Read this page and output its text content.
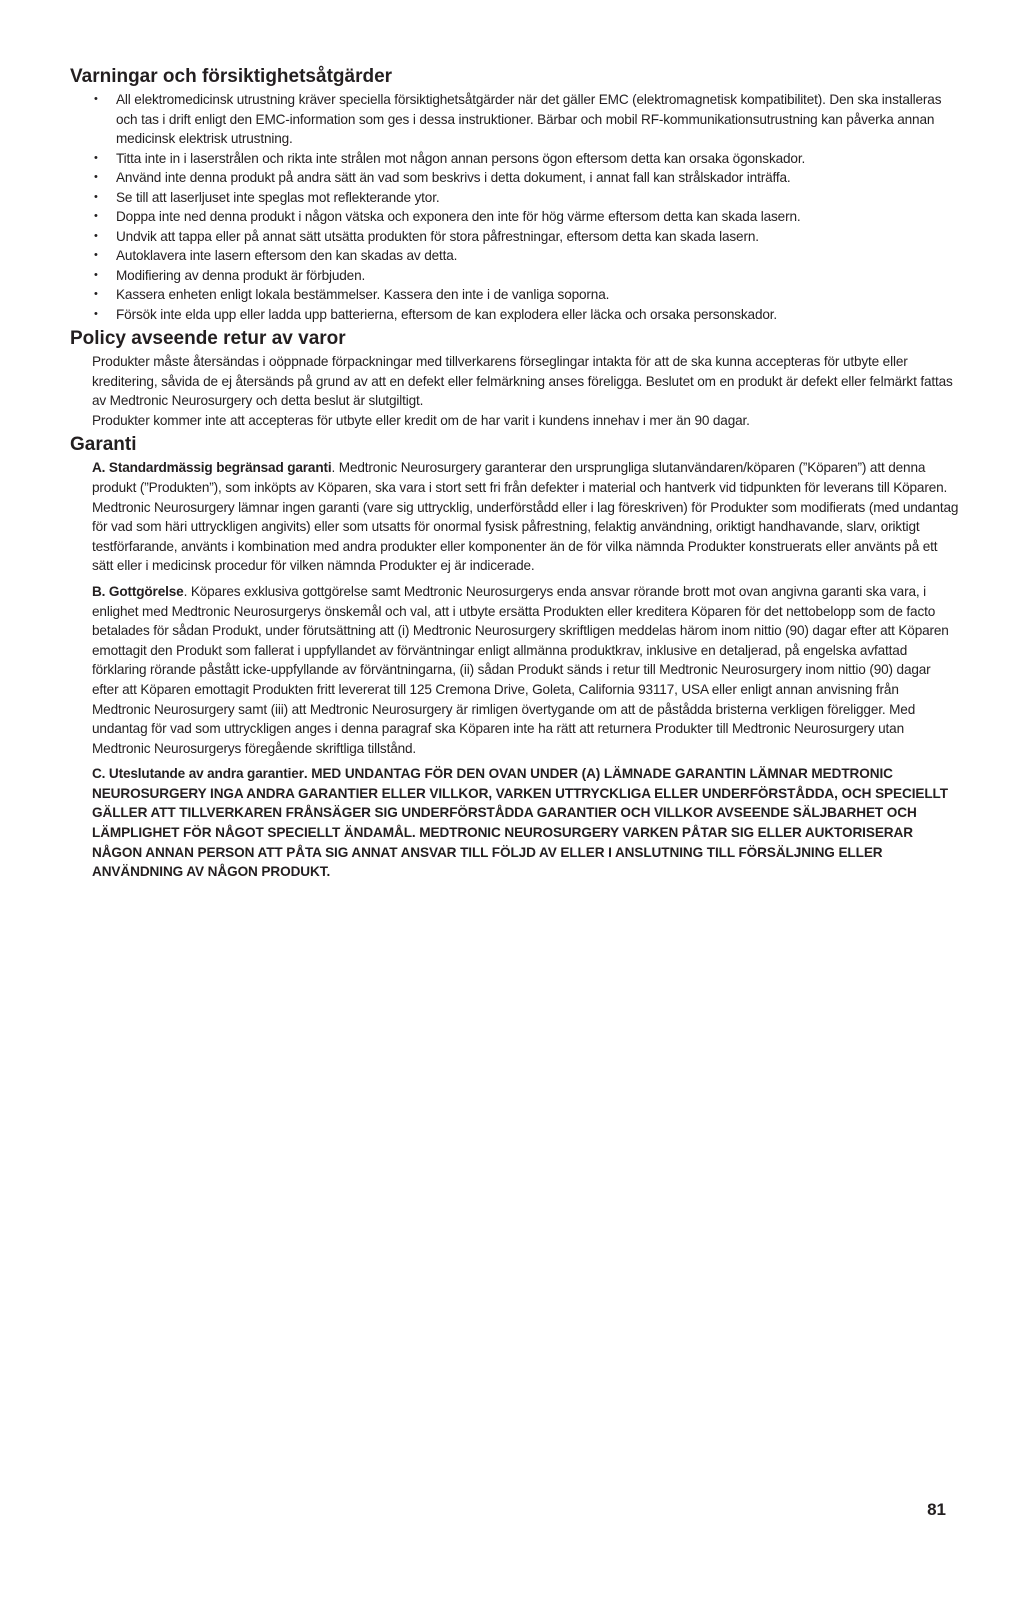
Varningar och försiktighetsåtgärder
• All elektromedicinsk utrustning kräver speciella försiktighetsåtgärder när det gäller EMC (elektromagnetisk kompatibilitet). Den ska installeras och tas i drift enligt den EMC-information som ges i dessa instruktioner. Bärbar och mobil RF-kommunikationsutrustning kan påverka annan medicinsk elektrisk utrustning.
• Titta inte in i laserstrålen och rikta inte strålen mot någon annan persons ögon eftersom detta kan orsaka ögonskador.
• Använd inte denna produkt på andra sätt än vad som beskrivs i detta dokument, i annat fall kan strålskador inträffa.
• Se till att laserljuset inte speglas mot reflekterande ytor.
• Doppa inte ned denna produkt i någon vätska och exponera den inte för hög värme eftersom detta kan skada lasern.
• Undvik att tappa eller på annat sätt utsätta produkten för stora påfrestningar, eftersom detta kan skada lasern.
• Autoklavera inte lasern eftersom den kan skadas av detta.
• Modifiering av denna produkt är förbjuden.
• Kassera enheten enligt lokala bestämmelser. Kassera den inte i de vanliga soporna.
• Försök inte elda upp eller ladda upp batterierna, eftersom de kan explodera eller läcka och orsaka personskador.
Policy avseende retur av varor

Produkter måste återsändas i oöppnade förpackningar med tillverkarens förseglingar intakta för att de ska kunna accepteras för utbyte eller kreditering, såvida de ej återsänds på grund av att en defekt eller felmärkning anses föreligga. Beslutet om en produkt är defekt eller felmärkt fattas av Medtronic Neurosurgery och detta beslut är slutgiltigt.

Produkter kommer inte att accepteras för utbyte eller kredit om de har varit i kundens innehav i mer än 90 dagar.

Garanti

A. Standardmässig begränsad garanti. Medtronic Neurosurgery garanterar den ursprungliga slutanvändaren/köparen (”Köparen”) att denna produkt (”Produkten”), som inköpts av Köparen, ska vara i stort sett fri från defekter i material och hantverk vid tidpunkten för leverans till Köparen. Medtronic Neurosurgery lämnar ingen garanti (vare sig uttrycklig, underförstådd eller i lag föreskriven) för Produkter som modifierats (med undantag för vad som häri uttryckligen angivits) eller som utsatts för onormal fysisk påfrestning, felaktig användning, oriktigt handhavande, slarv, oriktigt testförfarande, använts i kombination med andra produkter eller komponenter än de för vilka nämnda Produkter konstruerats eller använts på ett sätt eller i medicinsk procedur för vilken nämnda Produkter ej är indicerade.

B. Gottgörelse. Köpares exklusiva gottgörelse samt Medtronic Neurosurgerys enda ansvar rörande brott mot ovan angivna garanti ska vara, i enlighet med Medtronic Neurosurgerys önskemål och val, att i utbyte ersätta Produkten eller kreditera Köparen för det nettobelopp som de facto betalades för sådan Produkt, under förutsättning att (i) Medtronic Neurosurgery skriftligen meddelas härom inom nittio (90) dagar efter att Köparen emottagit den Produkt som fallerat i uppfyllandet av förväntningar enligt allmänna produktkrav, inklusive en detaljerad, på engelska avfattad förklaring rörande påstått icke-uppfyllande av förväntningarna, (ii) sådan Produkt sänds i retur till Medtronic Neurosurgery inom nittio (90) dagar efter att Köparen emottagit Produkten fritt levererat till 125 Cremona Drive, Goleta, California 93117, USA eller enligt annan anvisning från Medtronic Neurosurgery samt (iii) att Medtronic Neurosurgery är rimligen övertygande om att de påstådda bristerna verkligen föreligger. Med undantag för vad som uttryckligen anges i denna paragraf ska Köparen inte ha rätt att returnera Produkter till Medtronic Neurosurgery utan Medtronic Neurosurgerys föregående skriftliga tillstånd.

C. Uteslutande av andra garantier. MED UNDANTAG FÖR DEN OVAN UNDER (A) LÄMNADE GARANTIN LÄMNAR MEDTRONIC NEUROSURGERY INGA ANDRA GARANTIER ELLER VILLKOR, VARKEN UTTRYCKLIGA ELLER UNDERFÖRSTÅDDA, OCH SPECIELLT GÄLLER ATT TILLVERKAREN FRÅNSÄGER SIG UNDERFÖRSTÅDDA GARANTIER OCH VILLKOR AVSEENDE SÄLJBARHET OCH LÄMPLIGHET FÖR NÅGOT SPECIELLT ÄNDAMÅL. MEDTRONIC NEUROSURGERY VARKEN PÅTAR SIG ELLER AUKTORISERAR NÅGON ANNAN PERSON ATT PÅTA SIG ANNAT ANSVAR TILL FÖLJD AV ELLER I ANSLUTNING TILL FÖRSÄLJNING ELLER ANVÄNDNING AV NÅGON PRODUKT.

81
